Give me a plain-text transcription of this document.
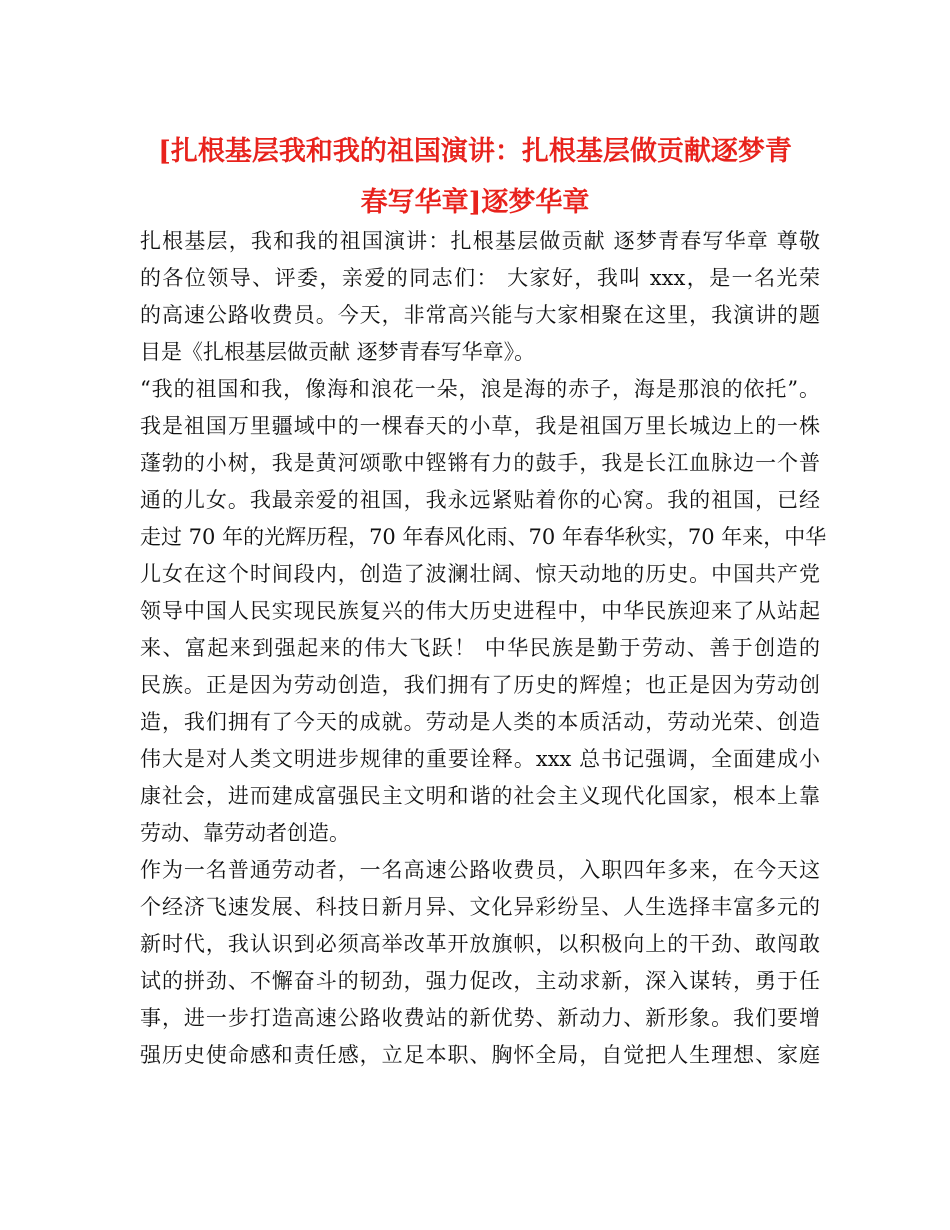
[扎根基层我和我的祖国演讲：扎根基层做贡献逐梦青
春写华章]逐梦华章
扎根基层，我和我的祖国演讲：扎根基层做贡献 逐梦青春写华章 尊敬
的各位领导、评委，亲爱的同志们： 大家好，我叫 xxx，是一名光荣
的高速公路收费员。今天，非常高兴能与大家相聚在这里，我演讲的题
目是《扎根基层做贡献 逐梦青春写华章》。
“我的祖国和我，像海和浪花一朵，浪是海的赤子，海是那浪的依托”。
我是祖国万里疆域中的一棵春天的小草，我是祖国万里长城边上的一株
蓬勃的小树，我是黄河颂歌中铿锵有力的鼓手，我是长江血脉边一个普
通的儿女。我最亲爱的祖国，我永远紧贴着你的心窝。我的祖国，已经
走过 70 年的光辉历程，70 年春风化雨、70 年春华秋实，70 年来，中华
儿女在这个时间段内，创造了波澜壮阔、惊天动地的历史。中国共产党
领导中国人民实现民族复兴的伟大历史进程中，中华民族迎来了从站起
来、富起来到强起来的伟大飞跃！ 中华民族是勤于劳动、善于创造的
民族。正是因为劳动创造，我们拥有了历史的辉煌；也正是因为劳动创
造，我们拥有了今天的成就。劳动是人类的本质活动，劳动光荣、创造
伟大是对人类文明进步规律的重要诠释。xxx 总书记强调，全面建成小
康社会，进而建成富强民主文明和谐的社会主义现代化国家，根本上靠
劳动、靠劳动者创造。
作为一名普通劳动者，一名高速公路收费员，入职四年多来，在今天这
个经济飞速发展、科技日新月异、文化异彩纷呈、人生选择丰富多元的
新时代，我认识到必须高举改革开放旗帜，以积极向上的干劲、敢闯敢
试的拼劲、不懈奋斗的韧劲，强力促改，主动求新，深入谋转，勇于任
事，进一步打造高速公路收费站的新优势、新动力、新形象。我们要增
强历史使命感和责任感，立足本职、胸怀全局，自觉把人生理想、家庭
